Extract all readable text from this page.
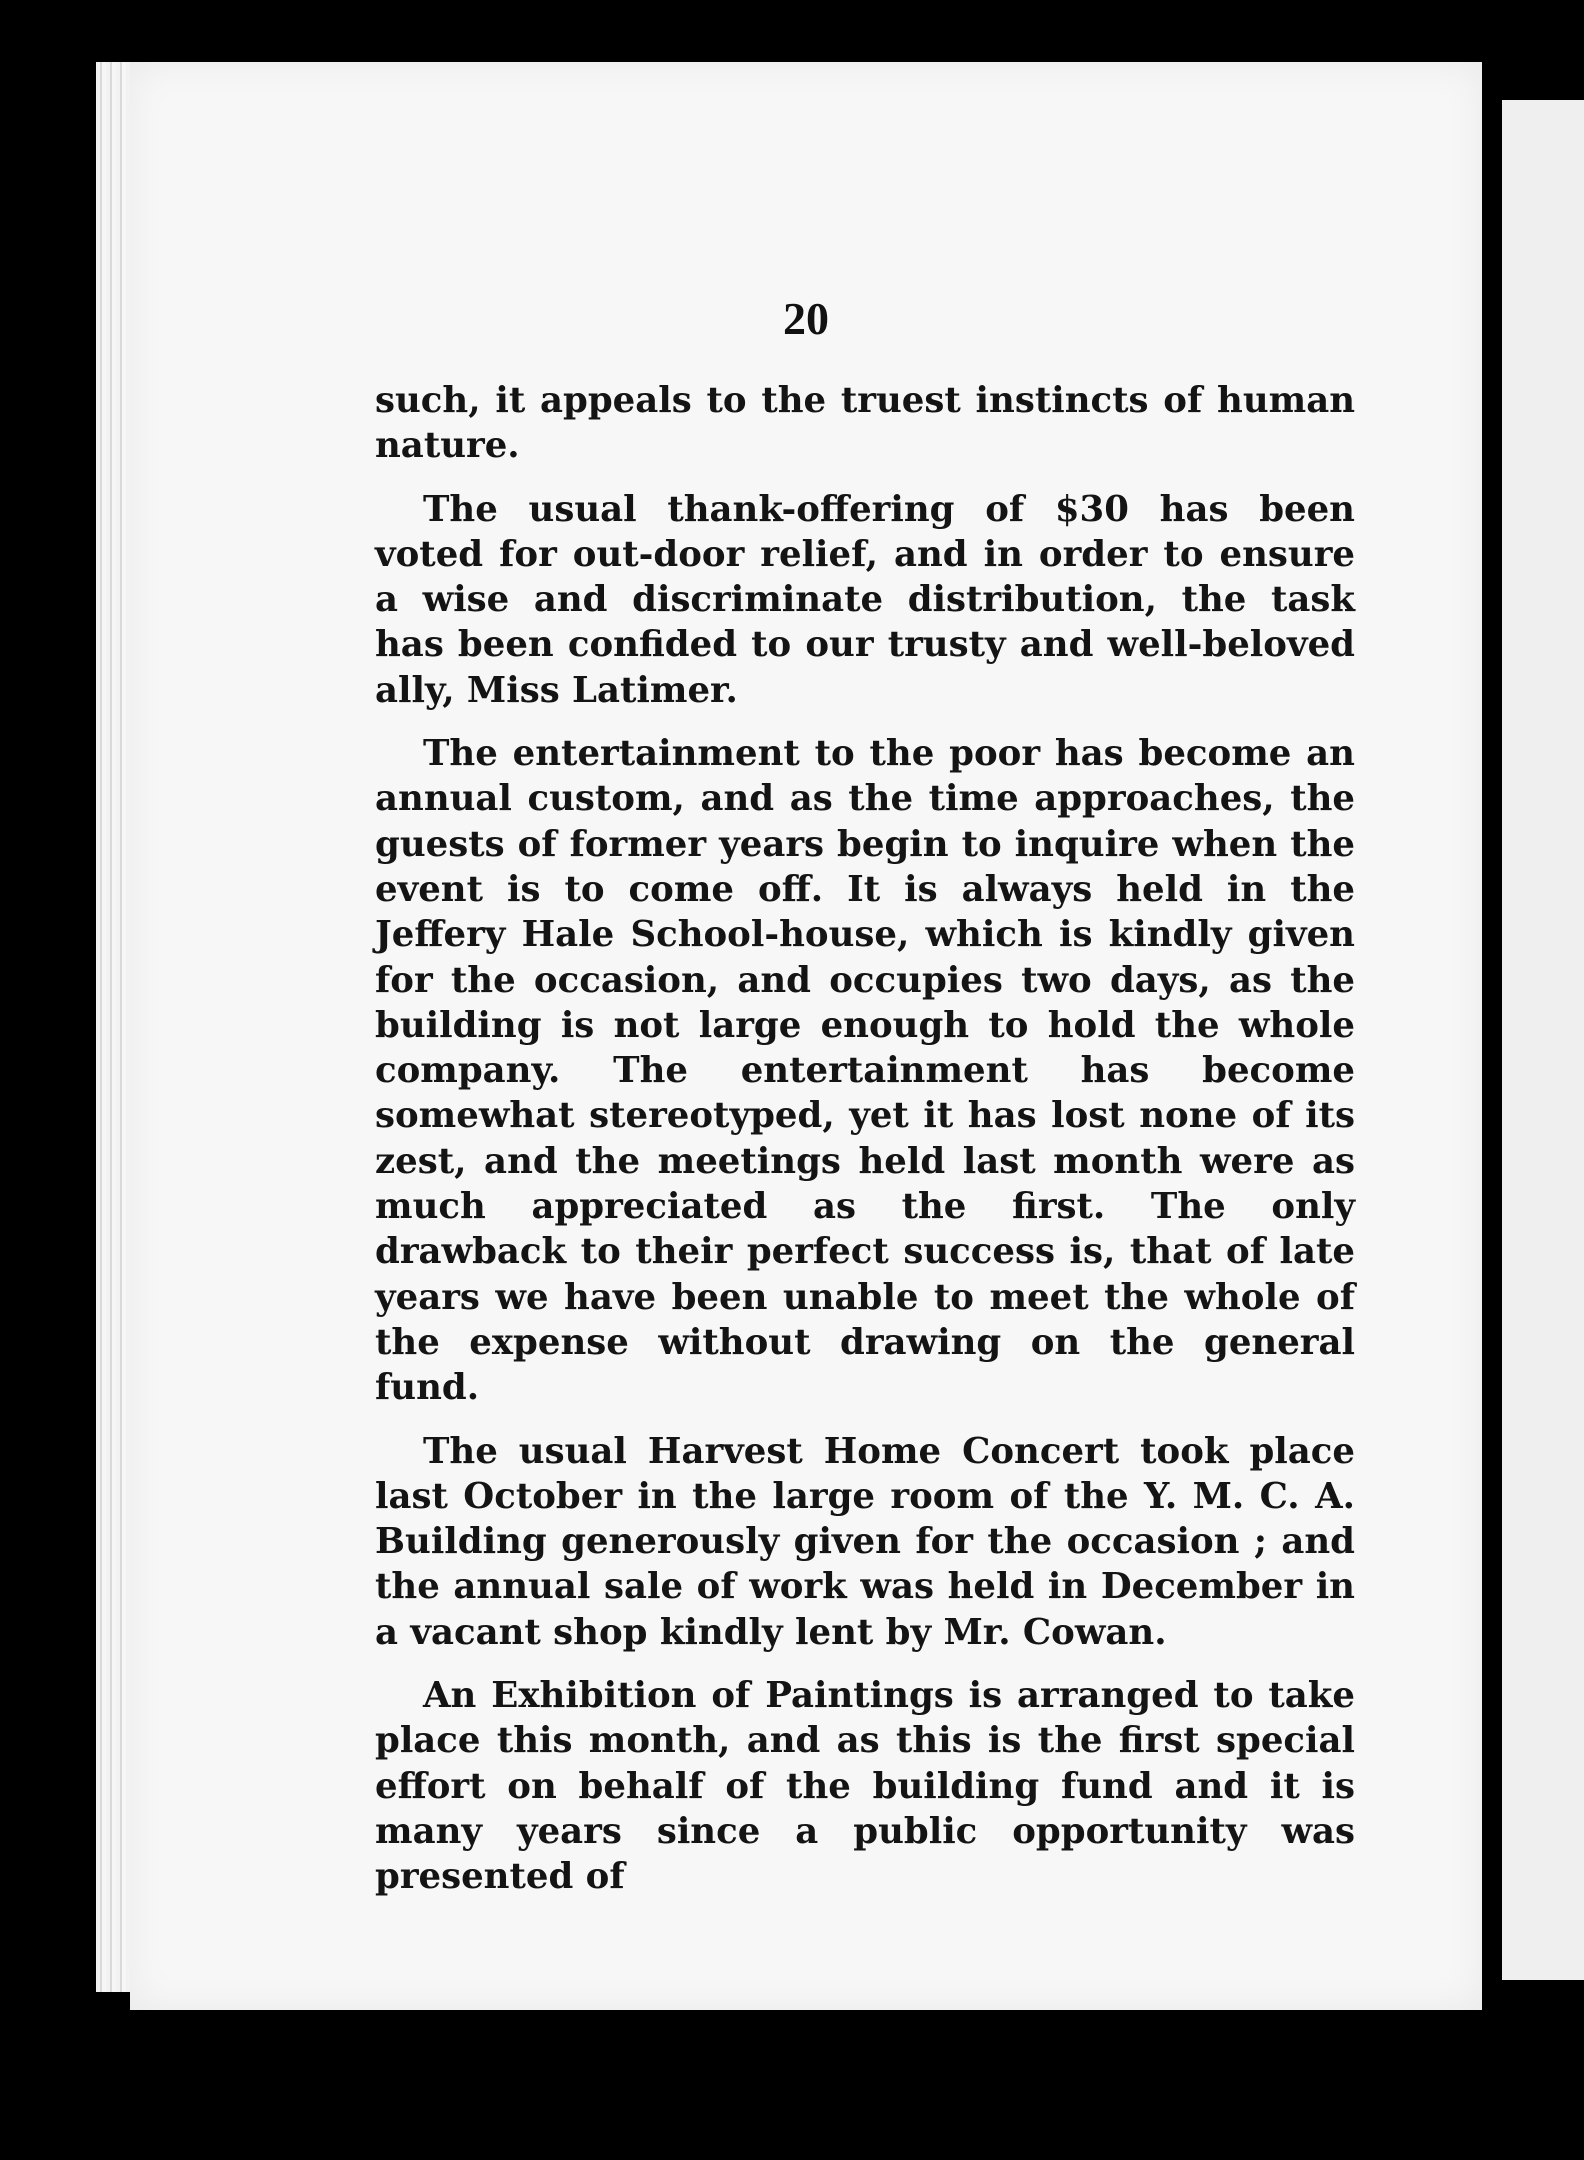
20

such, it appeals to the truest instincts of human nature.

The usual thank-offering of $30 has been voted for out-door relief, and in order to ensure a wise and discriminate distribution, the task has been confided to our trusty and well-beloved ally, Miss Latimer.

The entertainment to the poor has become an annual custom, and as the time approaches, the guests of former years begin to inquire when the event is to come off. It is always held in the Jeffery Hale School-house, which is kindly given for the occasion, and occupies two days, as the building is not large enough to hold the whole company. The entertainment has become somewhat stereotyped, yet it has lost none of its zest, and the meetings held last month were as much appreciated as the first. The only drawback to their perfect success is, that of late years we have been unable to meet the whole of the expense without drawing on the general fund.

The usual Harvest Home Concert took place last October in the large room of the Y. M. C. A. Building generously given for the occasion ; and the annual sale of work was held in December in a vacant shop kindly lent by Mr. Cowan.

An Exhibition of Paintings is arranged to take place this month, and as this is the first special effort on behalf of the building fund and it is many years since a public opportunity was presented of
